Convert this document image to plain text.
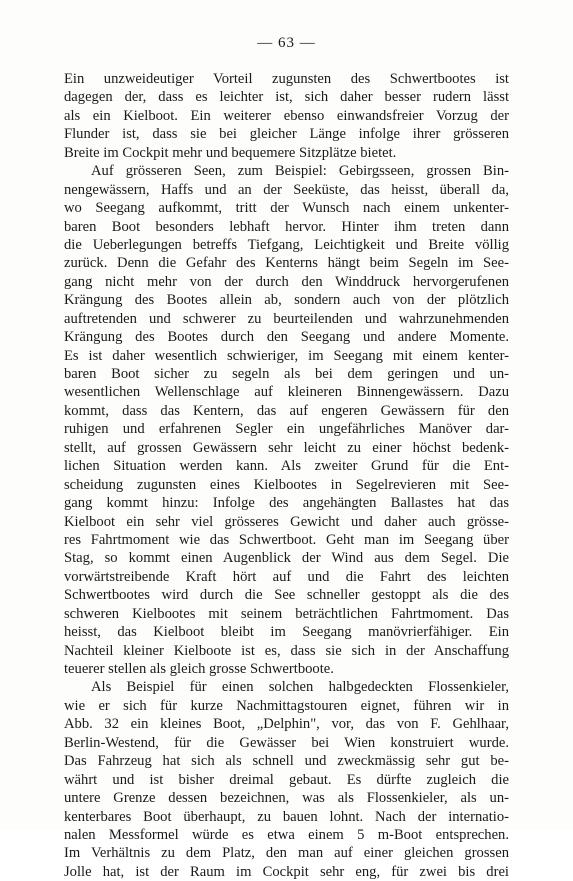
— 63 —
Ein unzweideutiger Vorteil zugunsten des Schwertbootes ist
dagegen der, dass es leichter ist, sich daher besser rudern lässt
als ein Kielboot. Ein weiterer ebenso einwandsfreier Vorzug der
Flunder ist, dass sie bei gleicher Länge infolge ihrer grösseren
Breite im Cockpit mehr und bequemere Sitzplätze bietet.
Auf grösseren Seen, zum Beispiel: Gebirgsseen, grossen Bin-
nengewässern, Haffs und an der Seeküste, das heisst, überall da,
wo Seegang aufkommt, tritt der Wunsch nach einem unkenter-
baren Boot besonders lebhaft hervor. Hinter ihm treten dann
die Ueberlegungen betreffs Tiefgang, Leichtigkeit und Breite völlig
zurück. Denn die Gefahr des Kenterns hängt beim Segeln im See-
gang nicht mehr von der durch den Winddruck hervorgerufenen
Krängung des Bootes allein ab, sondern auch von der plötzlich
auftretenden und schwerer zu beurteilenden und wahrzunehmenden
Krängung des Bootes durch den Seegang und andere Momente.
Es ist daher wesentlich schwieriger, im Seegang mit einem kenter-
baren Boot sicher zu segeln als bei dem geringen und un-
wesentlichen Wellenschlage auf kleineren Binnengewässern. Dazu
kommt, dass das Kentern, das auf engeren Gewässern für den
ruhigen und erfahrenen Segler ein ungefährliches Manöver dar-
stellt, auf grossen Gewässern sehr leicht zu einer höchst bedenk-
lichen Situation werden kann. Als zweiter Grund für die Ent-
scheidung zugunsten eines Kielbootes in Segelrevieren mit See-
gang kommt hinzu: Infolge des angehängten Ballastes hat das
Kielboot ein sehr viel grösseres Gewicht und daher auch grösse-
res Fahrtmoment wie das Schwertboot. Geht man im Seegang über
Stag, so kommt einen Augenblick der Wind aus dem Segel. Die
vorwärtstreibende Kraft hört auf und die Fahrt des leichten
Schwertbootes wird durch die See schneller gestoppt als die des
schweren Kielbootes mit seinem beträchtlichen Fahrtmoment. Das
heisst, das Kielboot bleibt im Seegang manövrierfähiger. Ein
Nachteil kleiner Kielboote ist es, dass sie sich in der Anschaffung
teuerer stellen als gleich grosse Schwertboote.
Als Beispiel für einen solchen halbgedeckten Flossenkieler,
wie er sich für kurze Nachmittagstouren eignet, führen wir in
Abb. 32 ein kleines Boot, „Delphin", vor, das von F. Gehlhaar,
Berlin-Westend, für die Gewässer bei Wien konstruiert wurde.
Das Fahrzeug hat sich als schnell und zweckmässig sehr gut be-
währt und ist bisher dreimal gebaut. Es dürfte zugleich die
untere Grenze dessen bezeichnen, was als Flossenkieler, als un-
kenterbares Boot überhaupt, zu bauen lohnt. Nach der internatio-
nalen Messformel würde es etwa einem 5 m-Boot entsprechen.
Im Verhältnis zu dem Platz, den man auf einer gleichen grossen
Jolle hat, ist der Raum im Cockpit sehr eng, für zwei bis drei
